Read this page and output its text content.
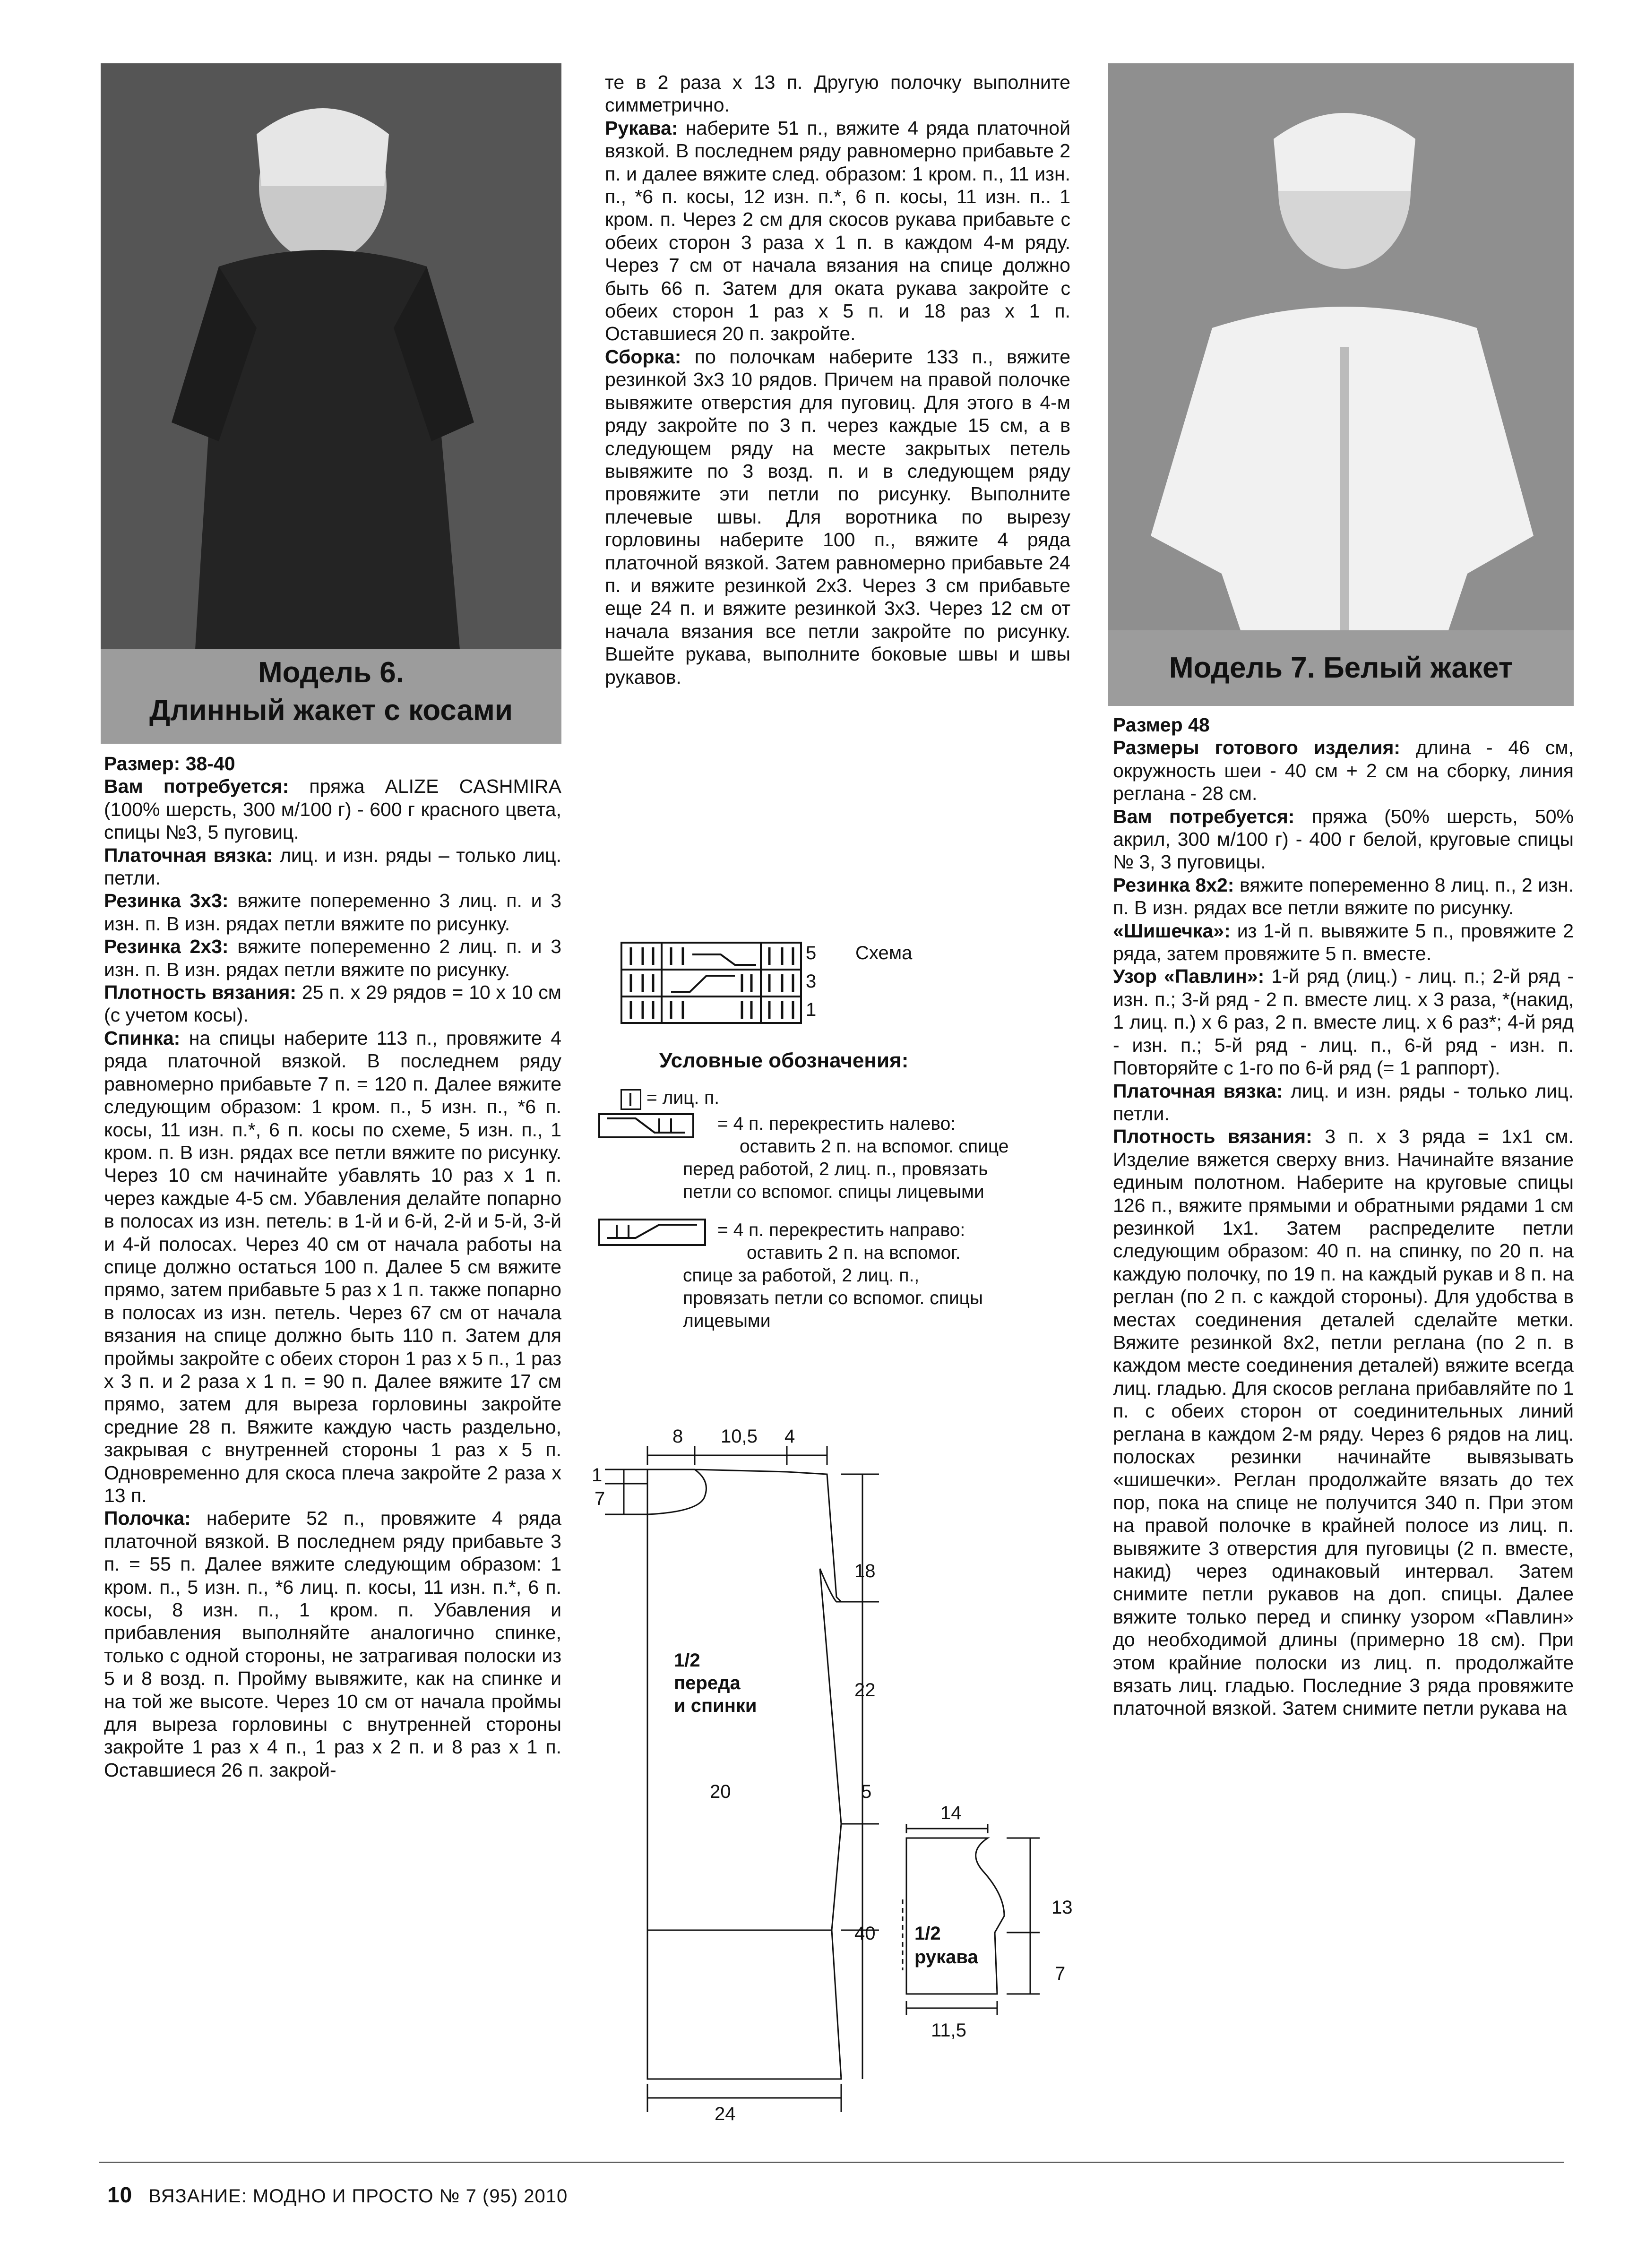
Модель 6.
Длинный жакет с косами
Модель 7. Белый жакет

Размер: 38-40

Вам потребуется: пряжа ALIZE CASHMIRA (100% шерсть, 300 м/100 г) - 600 г красного цвета, спицы №3, 5 пуговиц.

Платочная вязка: лиц. и изн. ряды – только лиц. петли.

Резинка 3х3: вяжите попеременно 3 лиц. п. и 3 изн. п. В изн. рядах петли вяжите по рисунку.

Резинка 2х3: вяжите попеременно 2 лиц. п. и 3 изн. п. В изн. рядах петли вяжите по рисунку.

Плотность вязания: 25 п. х 29 рядов = 10 х 10 см (с учетом косы).

Спинка: на спицы наберите 113 п., провяжите 4 ряда платочной вязкой. В последнем ряду равномерно прибавьте 7 п. = 120 п. Далее вяжите следующим образом: 1 кром. п., 5 изн. п., *6 п. косы, 11 изн. п.*, 6 п. косы по схеме, 5 изн. п., 1 кром. п. В изн. рядах все петли вяжите по рисунку. Через 10 см начинайте убавлять 10 раз х 1 п. через каждые 4-5 см. Убавления делайте попарно в полосах из изн. петель: в 1-й и 6-й, 2-й и 5-й, 3-й и 4-й полосах. Через 40 см от начала работы на спице должно остаться 100 п. Далее 5 см вяжите прямо, затем прибавьте 5 раз х 1 п. также попарно в полосах из изн. петель. Через 67 см от начала вязания на спице должно быть 110 п. Затем для проймы закройте с обеих сторон 1 раз х 5 п., 1 раз х 3 п. и 2 раза х 1 п. = 90 п. Далее вяжите 17 см прямо, затем для выреза горловины закройте средние 28 п. Вяжите каждую часть раздельно, закрывая с внутренней стороны 1 раз х 5 п. Одновременно для скоса плеча закройте 2 раза х 13 п.

Полочка: наберите 52 п., провяжите 4 ряда платочной вязкой. В последнем ряду прибавьте 3 п. = 55 п. Далее вяжите следующим образом: 1 кром. п., 5 изн. п., *6 лиц. п. косы, 11 изн. п.*, 6 п. косы, 8 изн. п., 1 кром. п. Убавления и прибавления выполняйте аналогично спинке, только с одной стороны, не затрагивая полоски из 5 и 8 возд. п. Пройму вывяжите, как на спинке и на той же высоте. Через 10 см от начала проймы для выреза горловины с внутренней стороны закройте 1 раз х 4 п., 1 раз х 2 п. и 8 раз х 1 п. Оставшиеся 26 п. закрой-

те в 2 раза х 13 п. Другую полочку выполните симметрично.

Рукава: наберите 51 п., вяжите 4 ряда платочной вязкой. В последнем ряду равномерно прибавьте 2 п. и далее вяжите след. образом: 1 кром. п., 11 изн. п., *6 п. косы, 12 изн. п.*, 6 п. косы, 11 изн. п.. 1 кром. п. Через 2 см для скосов рукава прибавьте с обеих сторон 3 раза х 1 п. в каждом 4-м ряду. Через 7 см от начала вязания на спице должно быть 66 п. Затем для оката рукава закройте с обеих сторон 1 раз х 5 п. и 18 раз х 1 п. Оставшиеся 20 п. закройте.

Сборка: по полочкам наберите 133 п., вяжите резинкой 3х3 10 рядов. Причем на правой полочке вывяжите отверстия для пуговиц. Для этого в 4-м ряду закройте по 3 п. через каждые 15 см, а в следующем ряду на месте закрытых петель вывяжите по 3 возд. п. и в следующем ряду провяжите эти петли по рисунку. Выполните плечевые швы. Для воротника по вырезу горловины наберите 100 п., вяжите 4 ряда платочной вязкой. Затем равномерно прибавьте 24 п. и вяжите резинкой 2х3. Через 3 см прибавьте еще 24 п. и вяжите резинкой 3х3. Через 12 см от начала вязания все петли закройте по рисунку. Вшейте рукава, выполните боковые швы и швы рукавов.

Размер 48

Размеры готового изделия: длина - 46 см, окружность шеи - 40 см + 2 см на сборку, линия реглана - 28 см.

Вам потребуется: пряжа (50% шерсть, 50% акрил, 300 м/100 г) - 400 г белой, круговые спицы № 3, 3 пуговицы.

Резинка 8х2: вяжите попеременно 8 лиц. п., 2 изн. п. В изн. рядах все петли вяжите по рисунку.

«Шишечка»: из 1-й п. вывяжите 5 п., провяжите 2 ряда, затем провяжите 5 п. вместе.

Узор «Павлин»: 1-й ряд (лиц.) - лиц. п.; 2-й ряд - изн. п.; 3-й ряд - 2 п. вместе лиц. х 3 раза, *(накид, 1 лиц. п.) х 6 раз, 2 п. вместе лиц. х 6 раз*; 4-й ряд - изн. п.; 5-й ряд - лиц. п., 6-й ряд - изн. п. Повторяйте с 1-го по 6-й ряд (= 1 раппорт).

Платочная вязка: лиц. и изн. ряды - только лиц. петли.

Плотность вязания: 3 п. х 3 ряда = 1х1 см. Изделие вяжется сверху вниз. Начинайте вязание единым полотном. Наберите на круговые спицы 126 п., вяжите прямыми и обратными рядами 1 см резинкой 1х1. Затем распределите петли следующим образом: 40 п. на спинку, по 20 п. на каждую полочку, по 19 п. на каждый рукав и 8 п. на реглан (по 2 п. с каждой стороны). Для удобства в местах соединения деталей сделайте метки. Вяжите резинкой 8х2, петли реглана (по 2 п. в каждом месте соединения деталей) вяжите всегда лиц. гладью. Для скосов реглана прибавляйте по 1 п. с обеих сторон от соединительных линий реглана в каждом 2-м ряду. Через 6 рядов на лиц. полосках резинки начинайте вывязывать «шишечки». Реглан продолжайте вязать до тех пор, пока на спице не получится 340 п. При этом на правой полочке в крайней полосе из лиц. п. вывяжите 3 отверстия для пуговицы (2 п. вместе, накид) через одинаковый интервал. Затем снимите петли рукавов на доп. спицы. Далее вяжите только перед и спинку узором «Павлин» до необходимой длины (примерно 18 см). При этом крайние полоски из лиц. п. продолжайте вязать лиц. гладью. Последние 3 ряда провяжите платочной вязкой. Затем снимите петли рукава на

5
3
1
Схема
Условные обозначения:
= лиц. п.
= 4 п. перекрестить налево:
оставить 2 п. на вспомог. спице
перед работой, 2 лиц. п., провязать
петли со вспомог. спицы лицевыми
= 4 п. перекрестить направо:
оставить 2 п. на вспомог.
спице за работой, 2 лиц. п.,
провязать петли со вспомог. спицы
лицевыми
8 10,5 4
1
7
18
22
5
40
20
24
1/2
переда
и спинки
14
13
7
11,5
1/2
рукава
10 ВЯЗАНИЕ: МОДНО И ПРОСТО № 7 (95) 2010
